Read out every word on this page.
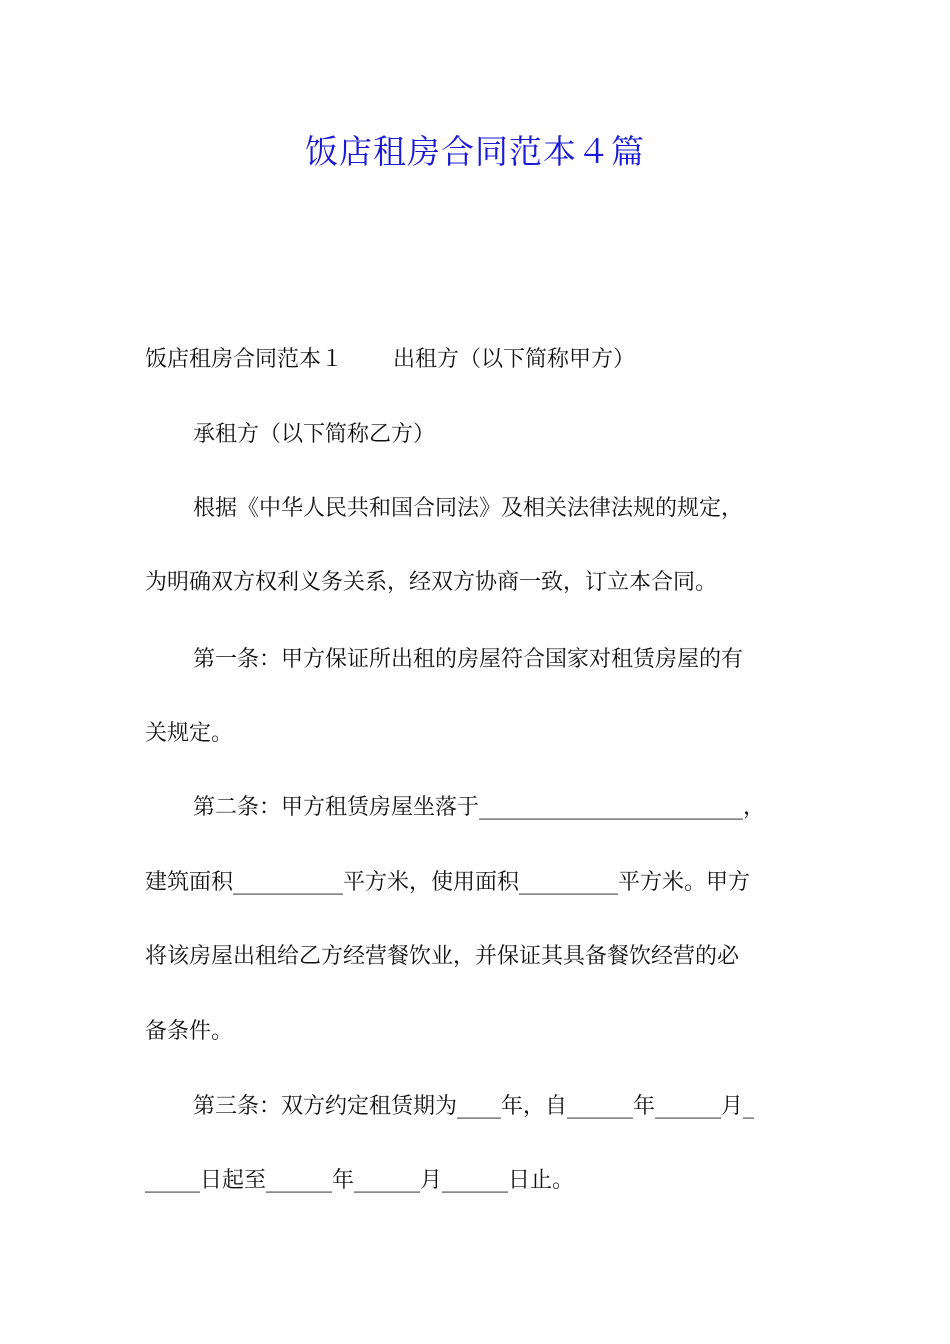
饭店租房合同范本４篇
饭店租房合同范本１ 出租方（以下简称甲方）
承租方（以下简称乙方）
根据《中华人民共和国合同法》及相关法律法规的规定，
为明确双方权利义务关系，经双方协商一致，订立本合同。
第一条：甲方保证所出租的房屋符合国家对租赁房屋的有
关规定。
第二条：甲方租赁房屋坐落于________________________，
建筑面积__________平方米，使用面积_________平方米。甲方
将该房屋出租给乙方经营餐饮业，并保证其具备餐饮经营的必
备条件。
第三条：双方约定租赁期为____年，自______年______月_
_____日起至______年______月______日止。
